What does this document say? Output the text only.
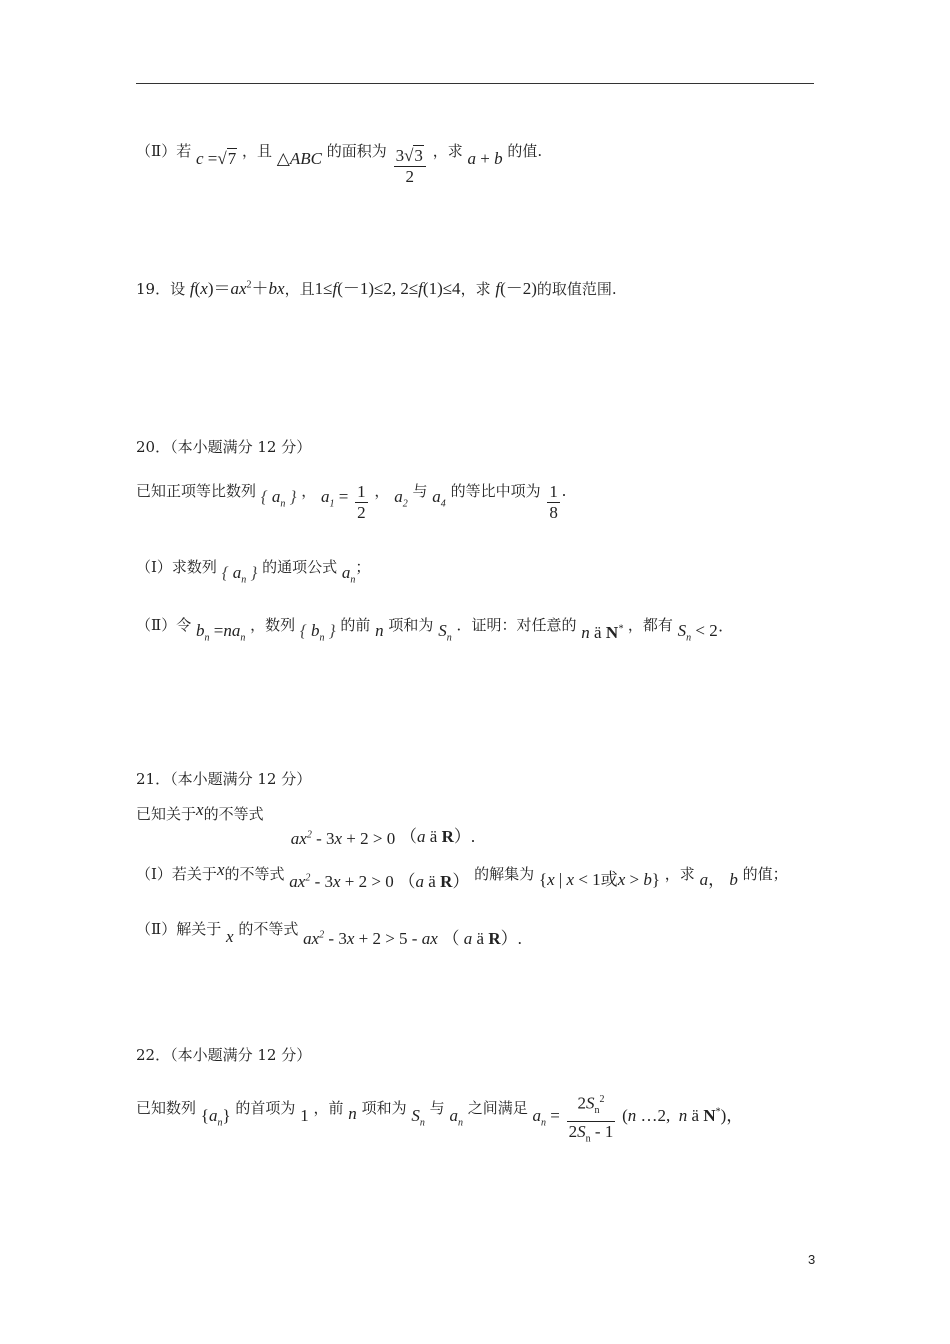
（Ⅱ）若 c =√7 ，且 △ABC 的面积为 $\frac{3√3}{2}$ ，求 a + b 的值.
19．设 $f(x)=ax^2+bx$，且1≤f(－1)≤2, 2≤f(1)≤4，求 f(－2)的取值范围.
20．（本小题满分 12 分）
已知正项等比数列 { $a_n$ } ， $a_1 = \frac{1}{2}$ ， $a_2$ 与 $a_4$ 的等比中项为 $\frac{1}{8}$ .
（Ⅰ）求数列 { $a_n$ } 的通项公式 $a_n$；
（Ⅱ）令 $b_n =na_n$ ，数列 { $b_n$ } 的前 n 项和为 $S_n$ ．证明：对任意的 n ä N* ，都有 $S_n < 2\cdot$
21．（本小题满分 12 分）
已知关于x的不等式
$ax^2 - 3x + 2 > 0$ （a ä R）.
（Ⅰ）若关于x的不等式 $ax^2 - 3x + 2 > 0$ （a ä R） 的解集为 {x | x < 1或x > b} ，求 a， b 的值；
（Ⅱ）解关于 x 的不等式 $ax^2 - 3x + 2 > 5$ - ax （ a ä R）.
22．（本小题满分 12 分）
已知数列 $\{a_n\}$ 的首项为 1 ，前 n 项和为 $S_n$ 与 $a_n$ 之间满足 $a_n = \frac{2S_n^2}{2S_n - 1} (n$ …2,  n ä N*)，
3
